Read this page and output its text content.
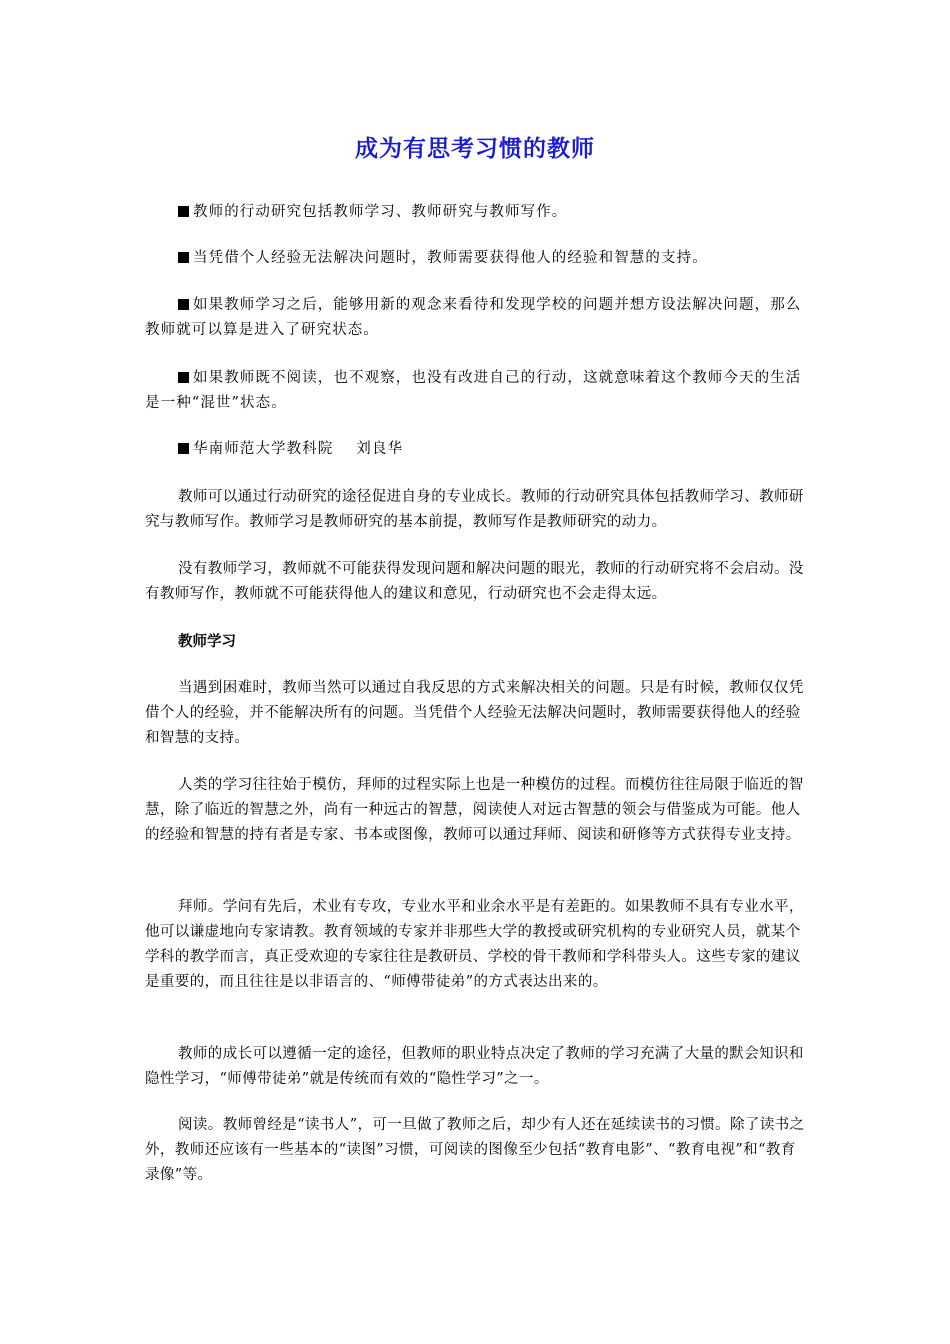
成为有思考习惯的教师

教师的行动研究包括教师学习、教师研究与教师写作。

当凭借个人经验无法解决问题时，教师需要获得他人的经验和智慧的支持。

如果教师学习之后，能够用新的观念来看待和发现学校的问题并想方设法解决问题，那么教师就可以算是进入了研究状态。

如果教师既不阅读，也不观察，也没有改进自己的行动，这就意味着这个教师今天的生活是一种“混世”状态。

华南师范大学教科院 刘良华

教师可以通过行动研究的途径促进自身的专业成长。教师的行动研究具体包括教师学习、教师研究与教师写作。教师学习是教师研究的基本前提，教师写作是教师研究的动力。

没有教师学习，教师就不可能获得发现问题和解决问题的眼光，教师的行动研究将不会启动。没有教师写作，教师就不可能获得他人的建议和意见，行动研究也不会走得太远。

教师学习

当遇到困难时，教师当然可以通过自我反思的方式来解决相关的问题。只是有时候，教师仅仅凭借个人的经验，并不能解决所有的问题。当凭借个人经验无法解决问题时，教师需要获得他人的经验和智慧的支持。

人类的学习往往始于模仿，拜师的过程实际上也是一种模仿的过程。而模仿往往局限于临近的智慧，除了临近的智慧之外，尚有一种远古的智慧，阅读使人对远古智慧的领会与借鉴成为可能。他人的经验和智慧的持有者是专家、书本或图像，教师可以通过拜师、阅读和研修等方式获得专业支持。

拜师。学问有先后，术业有专攻，专业水平和业余水平是有差距的。如果教师不具有专业水平，他可以谦虚地向专家请教。教育领域的专家并非那些大学的教授或研究机构的专业研究人员，就某个学科的教学而言，真正受欢迎的专家往往是教研员、学校的骨干教师和学科带头人。这些专家的建议是重要的，而且往往是以非语言的、“师傅带徒弟”的方式表达出来的。

教师的成长可以遵循一定的途径，但教师的职业特点决定了教师的学习充满了大量的默会知识和隐性学习，“师傅带徒弟”就是传统而有效的“隐性学习”之一。

阅读。教师曾经是“读书人”，可一旦做了教师之后，却少有人还在延续读书的习惯。除了读书之外，教师还应该有一些基本的“读图”习惯，可阅读的图像至少包括“教育电影”、“教育电视”和“教育录像”等。
